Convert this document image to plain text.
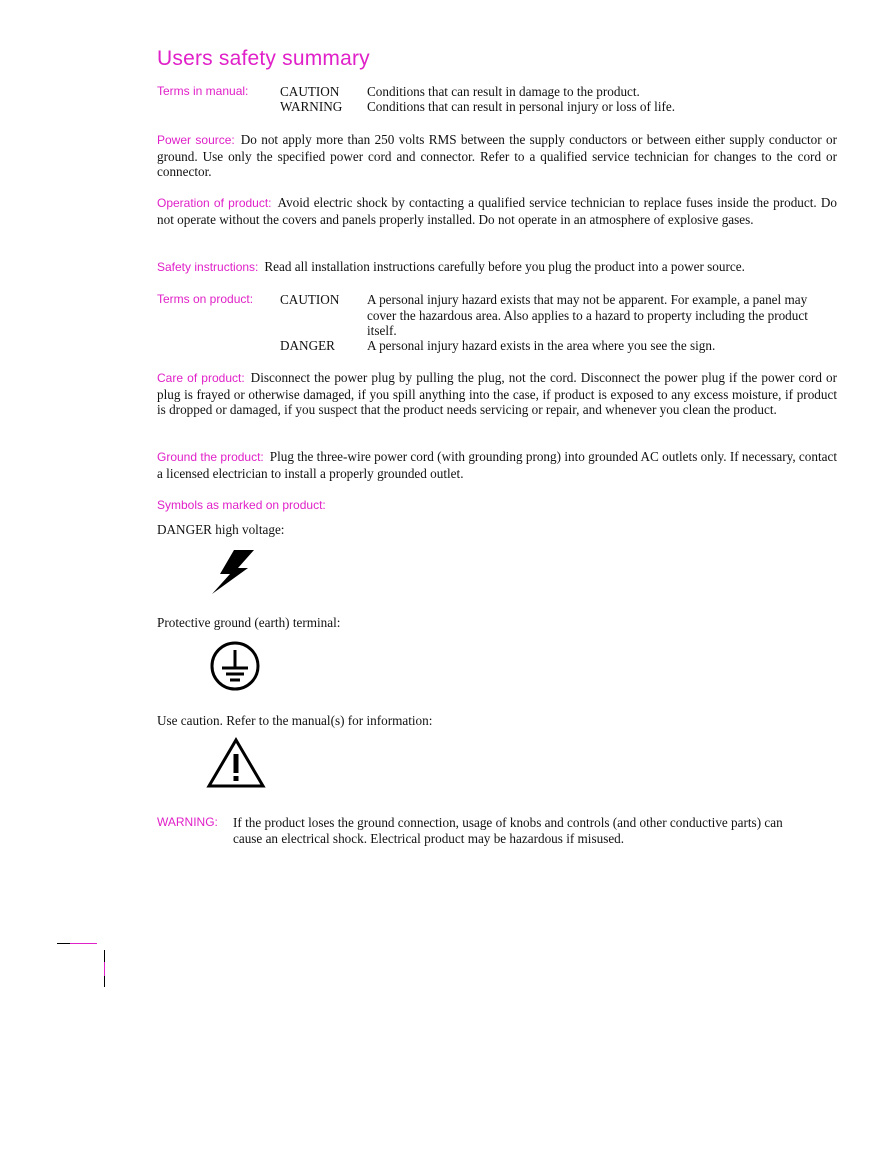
Users safety summary
Terms in manual: CAUTION Conditions that can result in damage to the product.
WARNING Conditions that can result in personal injury or loss of life.
Power source: Do not apply more than 250 volts RMS between the supply conductors or between either supply conductor or ground. Use only the specified power cord and connector. Refer to a qualified service technician for changes to the cord or connector.
Operation of product: Avoid electric shock by contacting a qualified service technician to replace fuses inside the product. Do not operate without the covers and panels properly installed. Do not operate in an atmosphere of explosive gases.
Safety instructions: Read all installation instructions carefully before you plug the product into a power source.
Terms on product: CAUTION A personal injury hazard exists that may not be apparent. For example, a panel may cover the hazardous area. Also applies to a hazard to property including the product itself.
DANGER A personal injury hazard exists in the area where you see the sign.
Care of product: Disconnect the power plug by pulling the plug, not the cord. Disconnect the power plug if the power cord or plug is frayed or otherwise damaged, if you spill anything into the case, if product is exposed to any excess moisture, if product is dropped or damaged, if you suspect that the product needs servicing or repair, and whenever you clean the product.
Ground the product: Plug the three-wire power cord (with grounding prong) into grounded AC outlets only. If necessary, contact a licensed electrician to install a properly grounded outlet.
Symbols as marked on product:
DANGER high voltage:
Protective ground (earth) terminal:
Use caution. Refer to the manual(s) for information:
WARNING: If the product loses the ground connection, usage of knobs and controls (and other conductive parts) can cause an electrical shock. Electrical product may be hazardous if misused.
